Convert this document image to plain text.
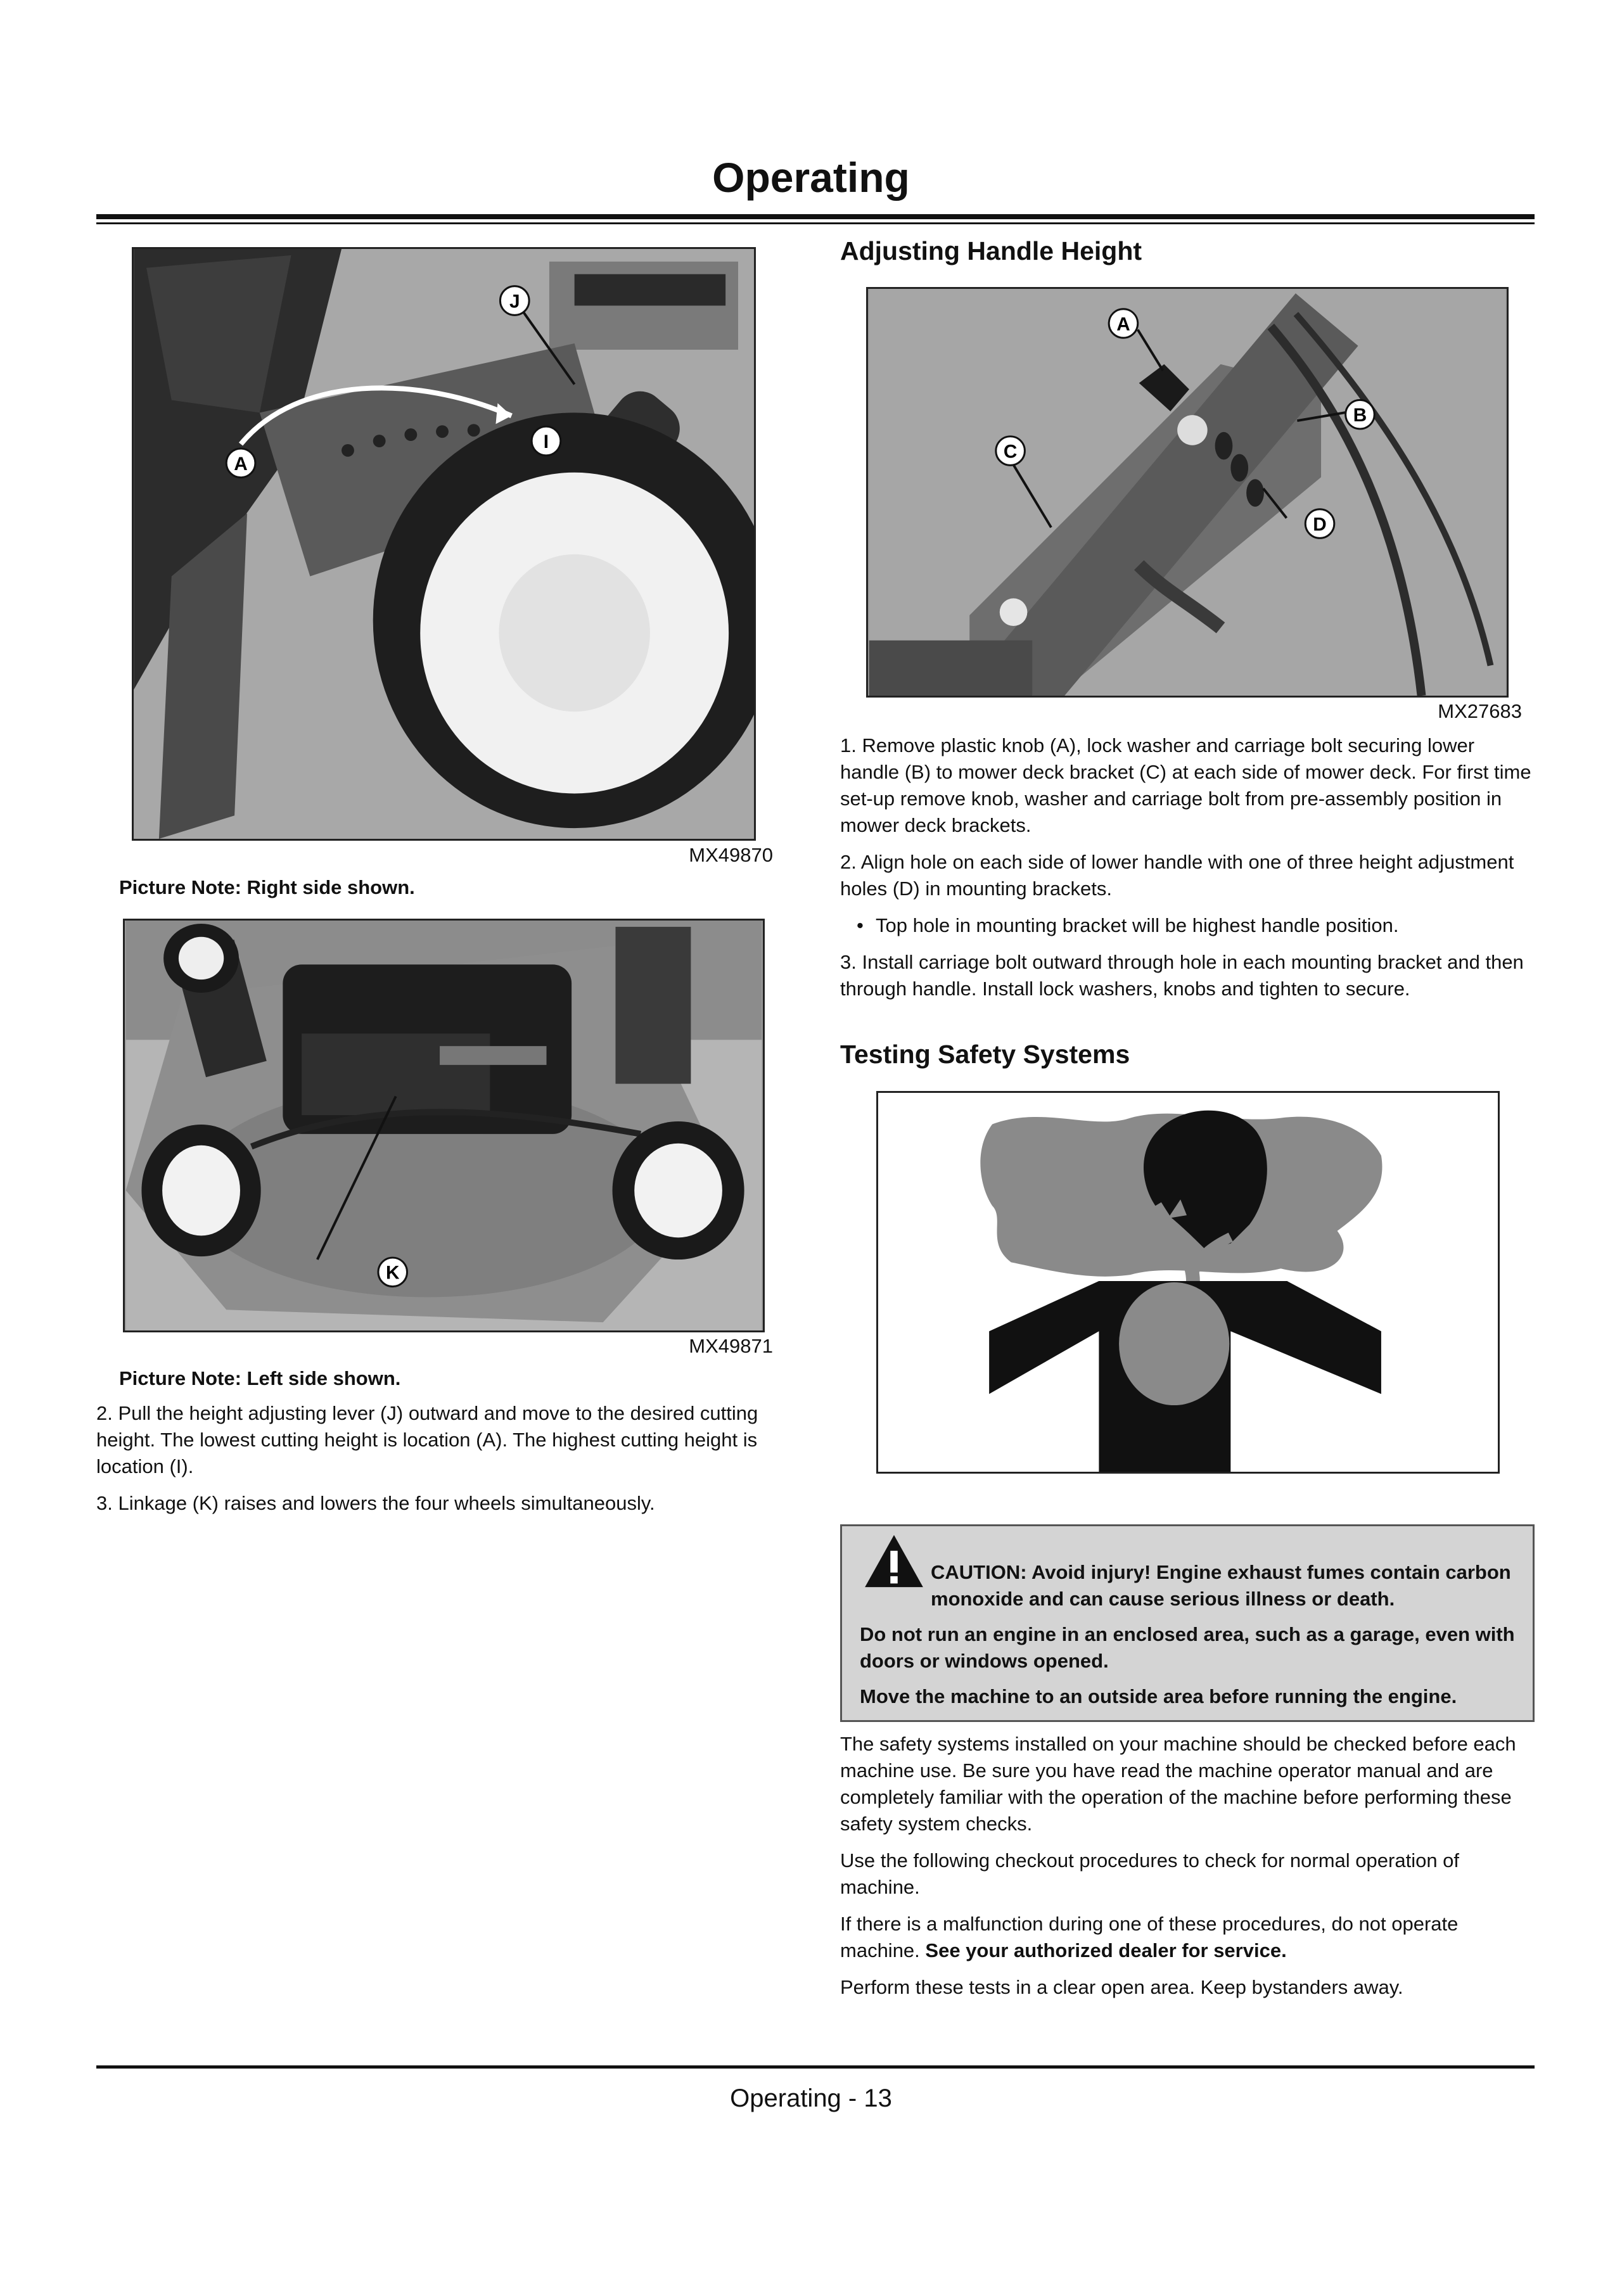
Operating
J
I
A
MX49870
Picture Note: Right side shown.
K
MX49871
Picture Note: Left side shown.
2. Pull the height adjusting lever (J) outward and move to the desired cutting height. The lowest cutting height is location (A). The highest cutting height is location (I).
3. Linkage (K) raises and lowers the four wheels simultaneously.
Adjusting Handle Height
A
B
C
D
MX27683
1. Remove plastic knob (A), lock washer and carriage bolt securing lower handle (B) to mower deck bracket (C) at each side of mower deck. For first time set-up remove knob, washer and carriage bolt from pre-assembly position in mower deck brackets.
2. Align hole on each side of lower handle with one of three height adjustment holes (D) in mounting brackets.
• Top hole in mounting bracket will be highest handle position.
3. Install carriage bolt outward through hole in each mounting bracket and then through handle. Install lock washers, knobs and tighten to secure.
Testing Safety Systems
CAUTION: Avoid injury! Engine exhaust fumes contain carbon monoxide and can cause serious illness or death.
Do not run an engine in an enclosed area, such as a garage, even with doors or windows opened.
Move the machine to an outside area before running the engine.
The safety systems installed on your machine should be checked before each machine use. Be sure you have read the machine operator manual and are completely familiar with the operation of the machine before performing these safety system checks.
Use the following checkout procedures to check for normal operation of machine.
If there is a malfunction during one of these procedures, do not operate machine. See your authorized dealer for service.
Perform these tests in a clear open area. Keep bystanders away.
Operating - 13
